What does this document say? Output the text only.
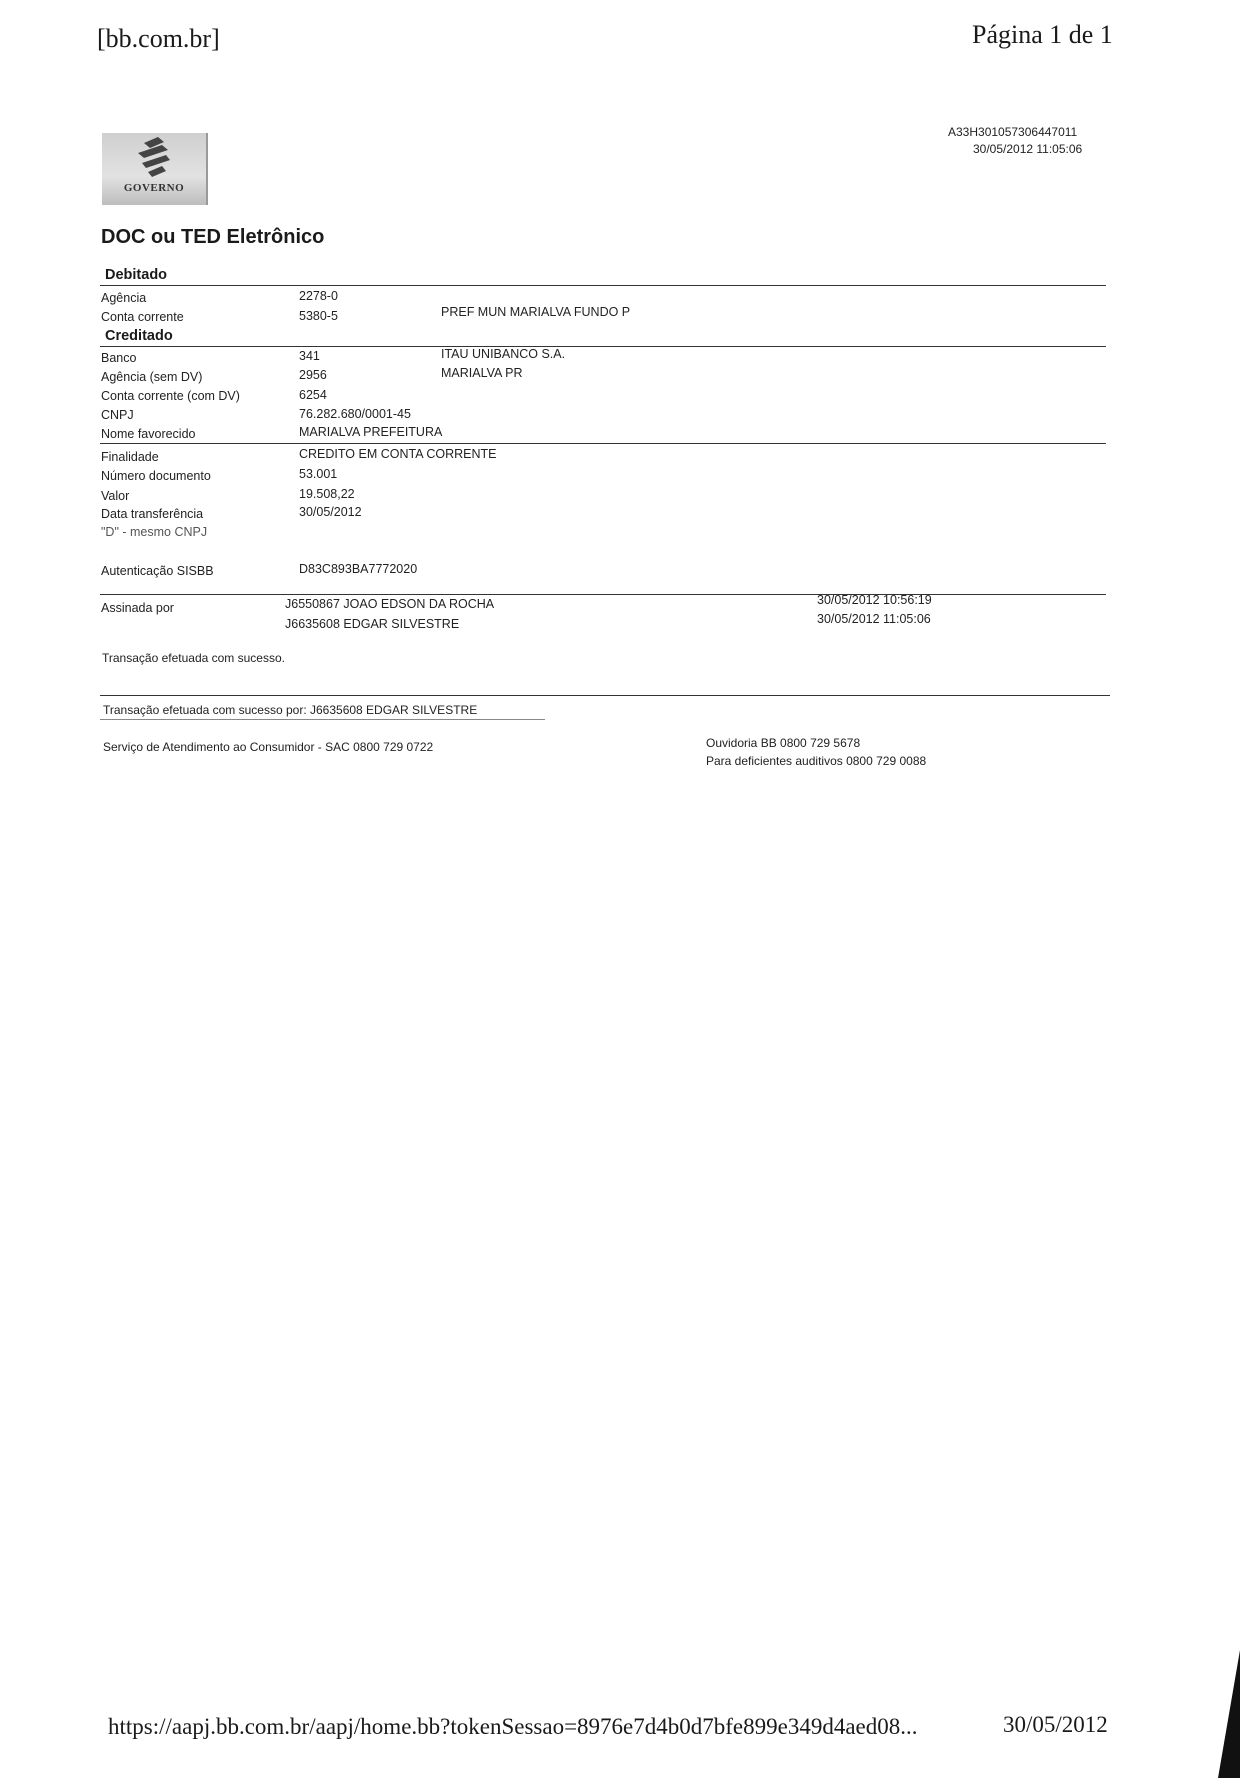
[bb.com.br]	Página 1 de 1
A33H301057306447011
30/05/2012 11:05:06
GOVERNO
DOC ou TED Eletrônico
Debitado
Agência	2278-0
Conta corrente	5380-5	PREF MUN MARIALVA FUNDO P
Creditado
Banco	341	ITAU UNIBANCO S.A.
Agência (sem DV)	2956	MARIALVA PR
Conta corrente (com DV)	6254
CNPJ	76.282.680/0001-45
Nome favorecido	MARIALVA PREFEITURA
Finalidade	CREDITO EM CONTA CORRENTE
Número documento	53.001
Valor	19.508,22
Data transferência	30/05/2012
"D" - mesmo CNPJ
Autenticação SISBB	D83C893BA7772020
Assinada por	J6550867 JOAO EDSON DA ROCHA	30/05/2012 10:56:19
J6635608 EDGAR SILVESTRE	30/05/2012 11:05:06
Transação efetuada com sucesso.
Transação efetuada com sucesso por: J6635608 EDGAR SILVESTRE
Serviço de Atendimento ao Consumidor - SAC 0800 729 0722	Ouvidoria BB 0800 729 5678
Para deficientes auditivos 0800 729 0088
https://aapj.bb.com.br/aapj/home.bb?tokenSessao=8976e7d4b0d7bfe899e349d4aed08...	30/05/2012
